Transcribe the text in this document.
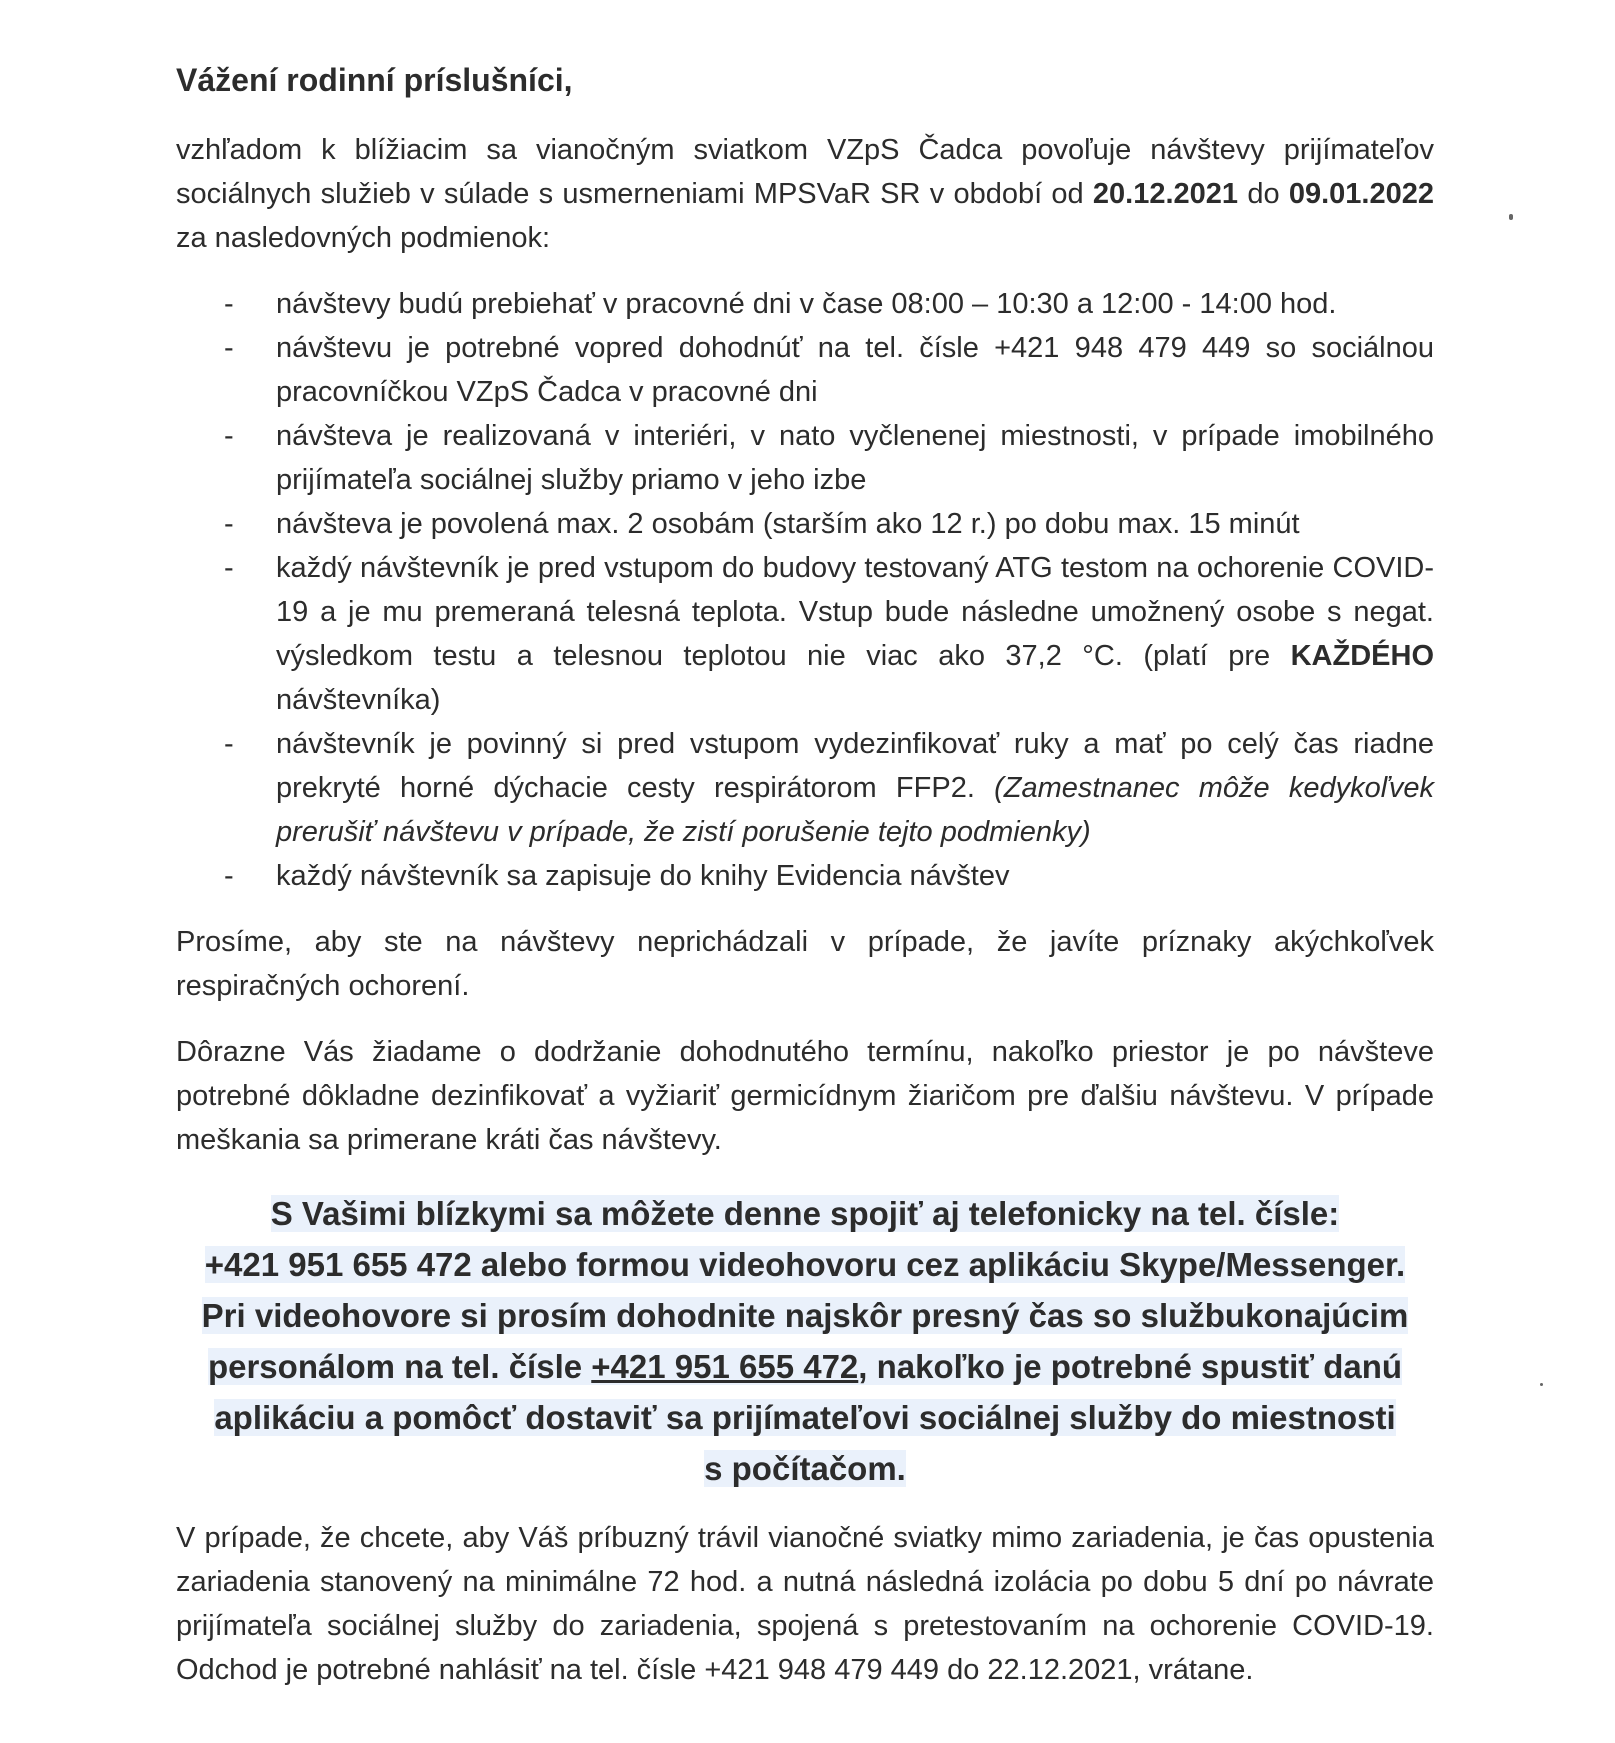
Vážení rodinní príslušníci,

vzhľadom k blížiacim sa vianočným sviatkom VZpS Čadca povoľuje návštevy prijímateľov sociálnych služieb v súlade s usmerneniami MPSVaR SR v období od 20.12.2021 do 09.01.2022 za nasledovných podmienok:

- návštevy budú prebiehať v pracovné dni v čase 08:00 – 10:30 a 12:00 - 14:00 hod.
- návštevu je potrebné vopred dohodnúť na tel. čísle +421 948 479 449 so sociálnou pracovníčkou VZpS Čadca v pracovné dni
- návšteva je realizovaná v interiéri, v nato vyčlenenej miestnosti, v prípade imobilného prijímateľa sociálnej služby priamo v jeho izbe
- návšteva je povolená max. 2 osobám (starším ako 12 r.) po dobu max. 15 minút
- každý návštevník je pred vstupom do budovy testovaný ATG testom na ochorenie COVID-19 a je mu premeraná telesná teplota. Vstup bude následne umožnený osobe s negat. výsledkom testu a telesnou teplotou nie viac ako 37,2 °C. (platí pre KAŽDÉHO návštevníka)
- návštevník je povinný si pred vstupom vydezinfikovať ruky a mať po celý čas riadne prekryté horné dýchacie cesty respirátorom FFP2. (Zamestnanec môže kedykoľvek prerušiť návštevu v prípade, že zistí porušenie tejto podmienky)
- každý návštevník sa zapisuje do knihy Evidencia návštev

Prosíme, aby ste na návštevy neprichádzali v prípade, že javíte príznaky akýchkoľvek respiračných ochorení.

Dôrazne Vás žiadame o dodržanie dohodnutého termínu, nakoľko priestor je po návšteve potrebné dôkladne dezinfikovať a vyžiariť germicídnym žiaričom pre ďalšiu návštevu. V prípade meškania sa primerane kráti čas návštevy.

S Vašimi blízkymi sa môžete denne spojiť aj telefonicky na tel. čísle:
+421 951 655 472 alebo formou videohovoru cez aplikáciu Skype/Messenger.
Pri videohovore si prosím dohodnite najskôr presný čas so službukonajúcim
personálom na tel. čísle +421 951 655 472, nakoľko je potrebné spustiť danú
aplikáciu a pomôcť dostaviť sa prijímateľovi sociálnej služby do miestnosti
s počítačom.

V prípade, že chcete, aby Váš príbuzný trávil vianočné sviatky mimo zariadenia, je čas opustenia zariadenia stanovený na minimálne 72 hod. a nutná následná izolácia po dobu 5 dní po návrate prijímateľa sociálnej služby do zariadenia, spojená s pretestovaním na ochorenie COVID-19. Odchod je potrebné nahlásiť na tel. čísle +421 948 479 449 do 22.12.2021, vrátane.
